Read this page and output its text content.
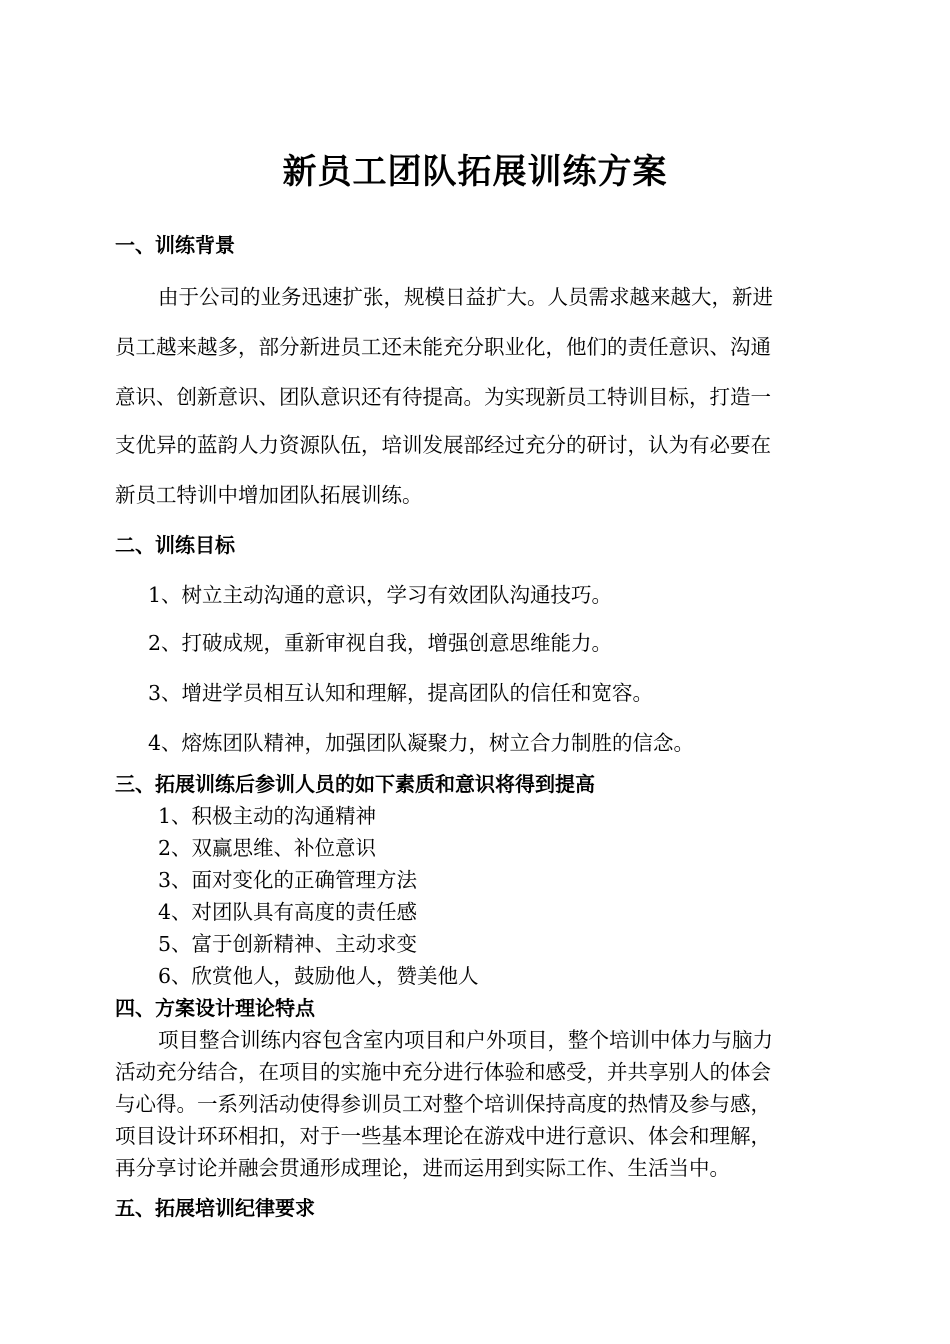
新员工团队拓展训练方案
一、训练背景
由于公司的业务迅速扩张，规模日益扩大。人员需求越来越大，新进
员工越来越多，部分新进员工还未能充分职业化，他们的责任意识、沟通
意识、创新意识、团队意识还有待提高。为实现新员工特训目标，打造一
支优异的蓝韵人力资源队伍，培训发展部经过充分的研讨，认为有必要在
新员工特训中增加团队拓展训练。
二、训练目标
1、树立主动沟通的意识，学习有效团队沟通技巧。
2、打破成规，重新审视自我，增强创意思维能力。
3、增进学员相互认知和理解，提高团队的信任和宽容。
4、熔炼团队精神，加强团队凝聚力，树立合力制胜的信念。
三、拓展训练后参训人员的如下素质和意识将得到提高
1、积极主动的沟通精神
2、双赢思维、补位意识
3、面对变化的正确管理方法
4、对团队具有高度的责任感
5、富于创新精神、主动求变
6、欣赏他人，鼓励他人，赞美他人
四、方案设计理论特点
项目整合训练内容包含室内项目和户外项目，整个培训中体力与脑力
活动充分结合，在项目的实施中充分进行体验和感受，并共享别人的体会
与心得。一系列活动使得参训员工对整个培训保持高度的热情及参与感，
项目设计环环相扣，对于一些基本理论在游戏中进行意识、体会和理解，
再分享讨论并融会贯通形成理论，进而运用到实际工作、生活当中。
五、拓展培训纪律要求
